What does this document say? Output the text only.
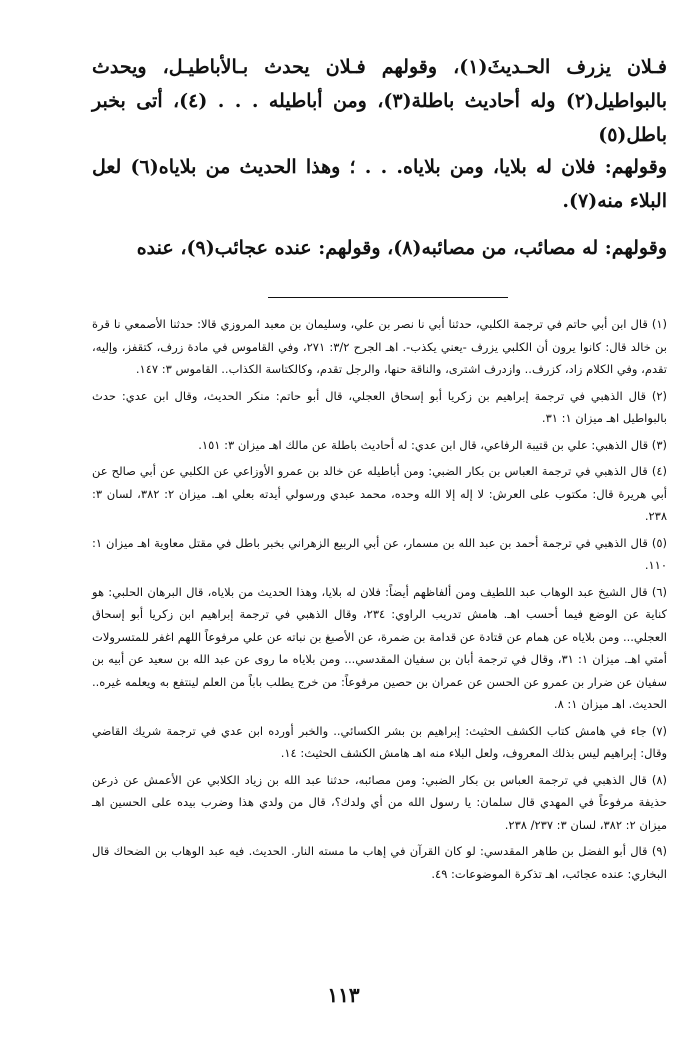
فـلان يزرف الحـديثَ(١)، وقولهم فـلان يحدث بـالأباطيـل، ويحدث بالبواطيل(٢) وله أحاديث باطلة(٣)، ومن أباطيله . . . (٤)، أتى بخبر باطل(٥)
وقولهم: فلان له بلايا، ومن بلاياه. . . ؛ وهذا الحديث من بلاياه(٦) لعل البلاء منه(٧).
وقولهم: له مصائب، من مصائبه(٨)، وقولهم: عنده عجائب(٩)، عنده

(١) قال ابن أبي حاتم في ترجمة الكلبي، حدثنا أبي نا نصر بن علي، وسليمان بن معبد المروزي قالا: حدثنا الأصمعي نا قرة بن خالد قال: كانوا يرون أن الكلبي يزرف -يعني يكذب-. اهـ الجرح ٣/٢: ٢٧١، وفي القاموس في مادة زرف، كتقفز، وإليه، تقدم، وفي الكلام زاد، كزرف.. وازدرف اشترى، والناقة حنها، والرجل تقدم، وكالكتاسة الكذاب.. القاموس ٣: ١٤٧.

(٢) قال الذهبي في ترجمة إبراهيم بن زكريا أبو إسحاق العجلي، قال أبو حاتم: منكر الحديث، وقال ابن عدي: حدث بالبواطيل اهـ ميزان ١: ٣١.

(٣) قال الذهبي: علي بن قتيبة الرفاعي، قال ابن عدي: له أحاديث باطلة عن مالك اهـ ميزان ٣: ١٥١.

(٤) قال الذهبي في ترجمة العباس بن بكار الضبي: ومن أباطيله عن خالد بن عمرو الأوزاعي عن الكلبي عن أبي صالح عن أبي هريرة قال: مكتوب على العرش: لا إله إلا الله وحده، محمد عبدي ورسولي أيدته بعلي اهـ. ميزان ٢: ٣٨٢، لسان ٣: ٢٣٨.

(٥) قال الذهبي في ترجمة أحمد بن عبد الله بن مسمار، عن أبي الربيع الزهراني بخبر باطل في مقتل معاوية اهـ ميزان ١: ١١٠.

(٦) قال الشيخ عبد الوهاب عبد اللطيف ومن ألفاظهم أيضاً: فلان له بلايا، وهذا الحديث من بلاياه، قال البرهان الحلبي: هو كناية عن الوضع فيما أحسب اهـ. هامش تدريب الراوي: ٢٣٤، وقال الذهبي في ترجمة إبراهيم ابن زكريا أبو إسحاق العجلي... ومن بلاياه عن همام عن قتادة عن قدامة بن ضمرة، عن الأصبغ بن نباته عن علي مرفوعاً اللهم اغفر للمتسرولات أمتي اهـ. ميزان ١: ٣١، وقال في ترجمة أبان بن سفيان المقدسي... ومن بلاياه ما روى عن عبد الله بن سعيد عن أبيه بن سفيان عن ضرار بن عمرو عن الحسن عن عمران بن حصين مرفوعاً: من خرج يطلب باباً من العلم لينتفع به ويعلمه غيره.. الحديث. اهـ ميزان ١: ٨.

(٧) جاء في هامش كتاب الكشف الحثيث: إبراهيم بن بشر الكسائي.. والخبر أورده ابن عدي في ترجمة شريك القاضي وقال: إبراهيم ليس بذلك المعروف، ولعل البلاء منه اهـ هامش الكشف الحثيث: ١٤.

(٨) قال الذهبي في ترجمة العباس بن بكار الضبي: ومن مصائبه، حدثنا عبد الله بن زياد الكلابي عن الأعمش عن ذرعن حذيفة مرفوعاً في المهدي قال سلمان: يا رسول الله من أي ولدك؟، قال من ولدي هذا وضرب بيده على الحسين اهـ ميزان ٢: ٣٨٢، لسان ٣: ٢٣٧/ ٢٣٨.

(٩) قال أبو الفضل بن طاهر المقدسي: لو كان القرآن في إهاب ما مسته النار. الحديث. فيه عبد الوهاب بن الضحاك قال البخاري: عنده عجائب، اهـ تذكرة الموضوعات: ٤٩.

١١٣
